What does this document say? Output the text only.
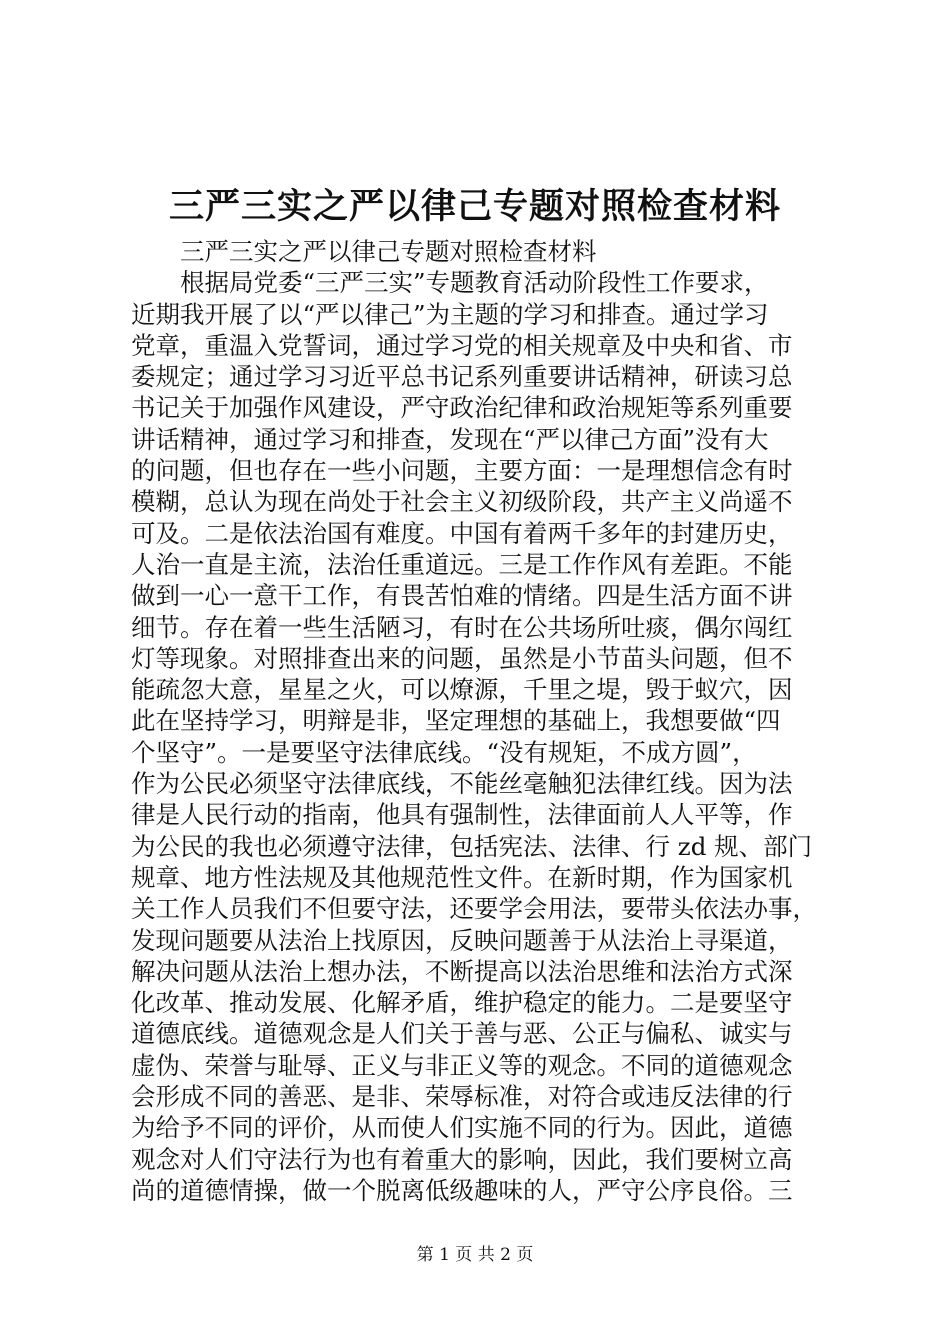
三严三实之严以律己专题对照检查材料
三严三实之严以律己专题对照检查材料
根据局党委“三严三实”专题教育活动阶段性工作要求，
近期我开展了以“严以律己”为主题的学习和排查。通过学习
党章，重温入党誓词，通过学习党的相关规章及中央和省、市
委规定；通过学习习近平总书记系列重要讲话精神，研读习总
书记关于加强作风建设，严守政治纪律和政治规矩等系列重要
讲话精神，通过学习和排查，发现在“严以律己方面”没有大
的问题，但也存在一些小问题，主要方面：一是理想信念有时
模糊，总认为现在尚处于社会主义初级阶段，共产主义尚遥不
可及。二是依法治国有难度。中国有着两千多年的封建历史，
人治一直是主流，法治任重道远。三是工作作风有差距。不能
做到一心一意干工作，有畏苦怕难的情绪。四是生活方面不讲
细节。存在着一些生活陋习，有时在公共场所吐痰，偶尔闯红
灯等现象。对照排查出来的问题，虽然是小节苗头问题，但不
能疏忽大意，星星之火，可以燎源，千里之堤，毁于蚁穴，因
此在坚持学习，明辩是非，坚定理想的基础上，我想要做“四
个坚守”。一是要坚守法律底线。“没有规矩，不成方圆”，
作为公民必须坚守法律底线，不能丝毫触犯法律红线。因为法
律是人民行动的指南，他具有强制性，法律面前人人平等，作
为公民的我也必须遵守法律，包括宪法、法律、行 zd 规、部门
规章、地方性法规及其他规范性文件。在新时期，作为国家机
关工作人员我们不但要守法，还要学会用法，要带头依法办事，
发现问题要从法治上找原因，反映问题善于从法治上寻渠道，
解决问题从法治上想办法，不断提高以法治思维和法治方式深
化改革、推动发展、化解矛盾，维护稳定的能力。二是要坚守
道德底线。道德观念是人们关于善与恶、公正与偏私、诚实与
虚伪、荣誉与耻辱、正义与非正义等的观念。不同的道德观念
会形成不同的善恶、是非、荣辱标准，对符合或违反法律的行
为给予不同的评价，从而使人们实施不同的行为。因此，道德
观念对人们守法行为也有着重大的影响，因此，我们要树立高
尚的道德情操，做一个脱离低级趣味的人，严守公序良俗。三
第 1 页 共 2 页
